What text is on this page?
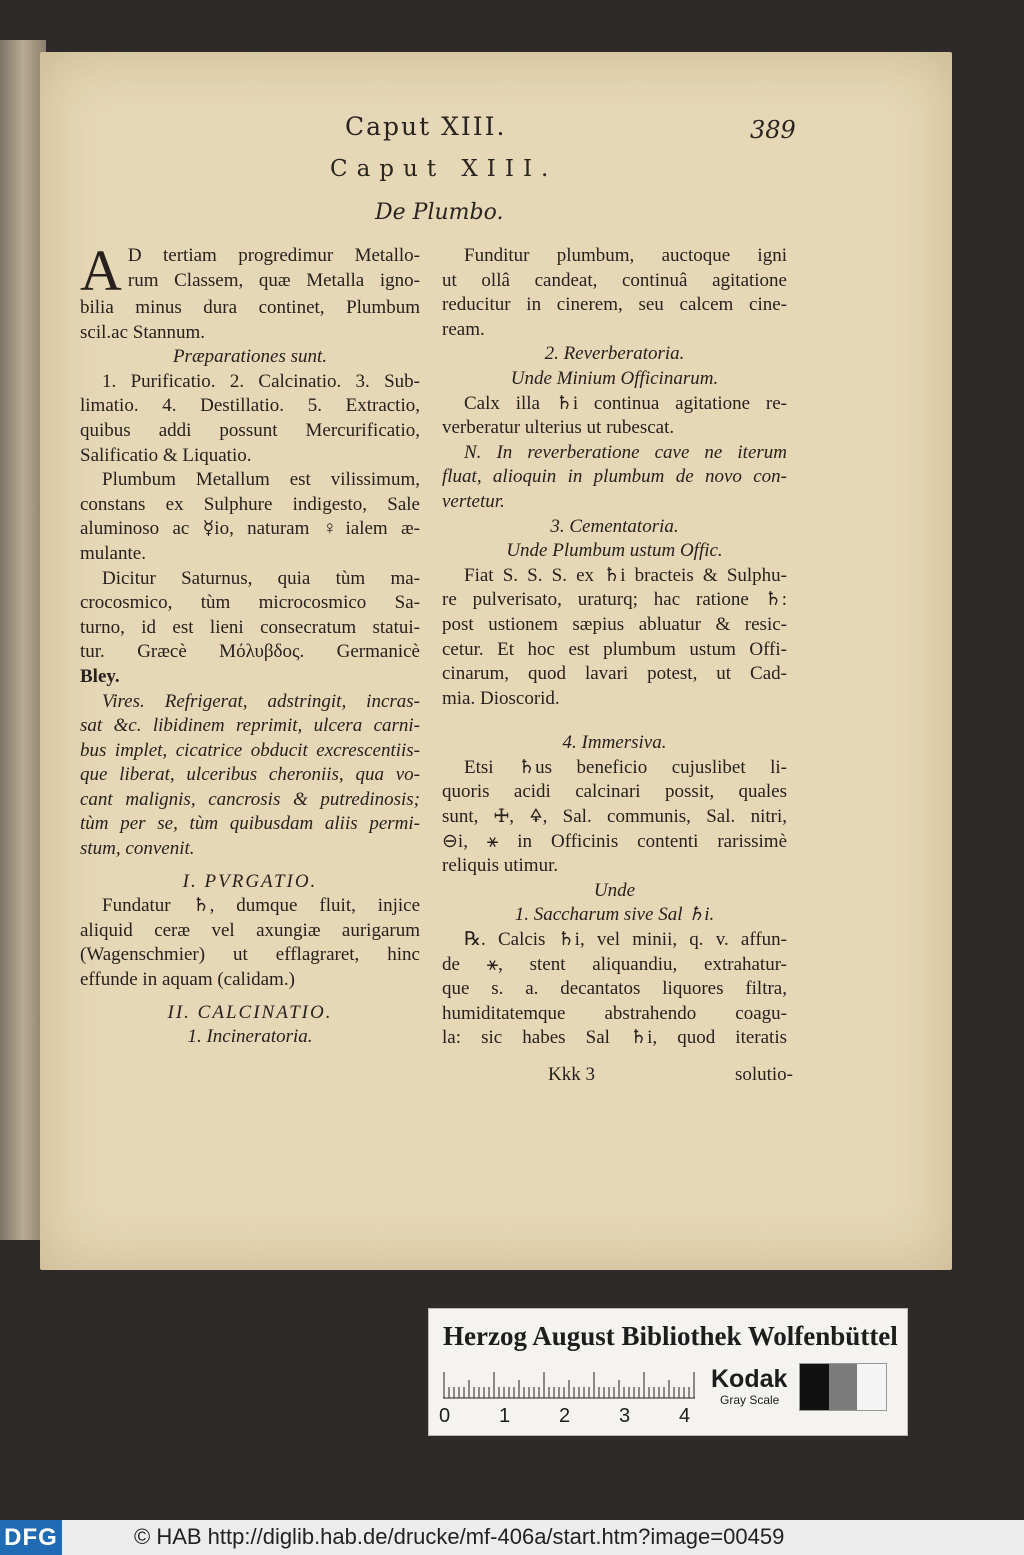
Caput XIII.	389
Caput XIII.
De Plumbo.
A D tertiam progredimur Metallo-
rum Classem, quæ Metalla igno-
bilia minus dura continet, Plumbum
scil.ac Stannum.
Præparationes sunt.
1. Purificatio. 2. Calcinatio. 3. Sub-
limatio. 4. Destillatio. 5. Extractio,
quibus addi possunt Mercurificatio,
Salificatio & Liquatio.
Plumbum Metallum est vilissimum,
constans ex Sulphure indigesto, Sale
aluminoso ac ☿io, naturam ♀ialem æ-
mulante.
Dicitur Saturnus, quia tùm ma-
crocosmico, tùm microcosmico Sa-
turno, id est lieni consecratum statui-
tur. Græcè Μόλυβδος. Germanicè
Bley.
Vires. Refrigerat, adstringit, incras-
sat &c. libidinem reprimit, ulcera carni-
bus implet, cicatrice obducit excrescentiis-
que liberat, ulceribus cheroniis, qua vo-
cant malignis, cancrosis & putredinosis;
tùm per se, tùm quibusdam aliis permi-
stum, convenit.
I. PVRGATIO.
Fundatur ♄, dumque fluit, injice
aliquid ceræ vel axungiæ aurigarum
(Wagenschmier) ut efflagraret, hinc
effunde in aquam (calidam.)
II. CALCINATIO.
1. Incineratoria.
Funditur plumbum, auctoque igni
ut ollâ candeat, continuâ agitatione
reducitur in cinerem, seu calcem cine-
ream.
2. Reverberatoria.
Unde Minium Officinarum.
Calx illa ♄i continua agitatione re-
verberatur ulterius ut rubescat.
N. In reverberatione cave ne iterum
fluat, alioquin in plumbum de novo con-
vertetur.
3. Cementatoria.
Unde Plumbum ustum Offic.
Fiat S. S. S. ex ♄i bracteis & Sulphu-
re pulverisato, uraturq; hac ratione ♄:
post ustionem sæpius abluatur & resic-
cetur. Et hoc est plumbum ustum Offi-
cinarum, quod lavari potest, ut Cad-
mia. Dioscorid.
4. Immersiva.
Etsi ♄us beneficio cujuslibet li-
quoris acidi calcinari possit, quales
sunt, 🜊, 🜍, Sal. communis, Sal. nitri,
⊖i, ⚹ in Officinis contenti rarissimè
reliquis utimur.
Unde
1. Saccharum sive Sal ♄i.
℞. Calcis ♄i, vel minii, q. v. affun-
de ⚹, stent aliquandiu, extrahatur-
que s. a. decantatos liquores filtra,
humiditatemque abstrahendo coagu-
la: sic habes Sal ♄i, quod iteratis
Kkk 3	solutio-
Herzog August Bibliothek Wolfenbüttel
0 1 2 3 4
Kodak
Gray Scale
DFG	© HAB http://diglib.hab.de/drucke/mf-406a/start.htm?image=00459
